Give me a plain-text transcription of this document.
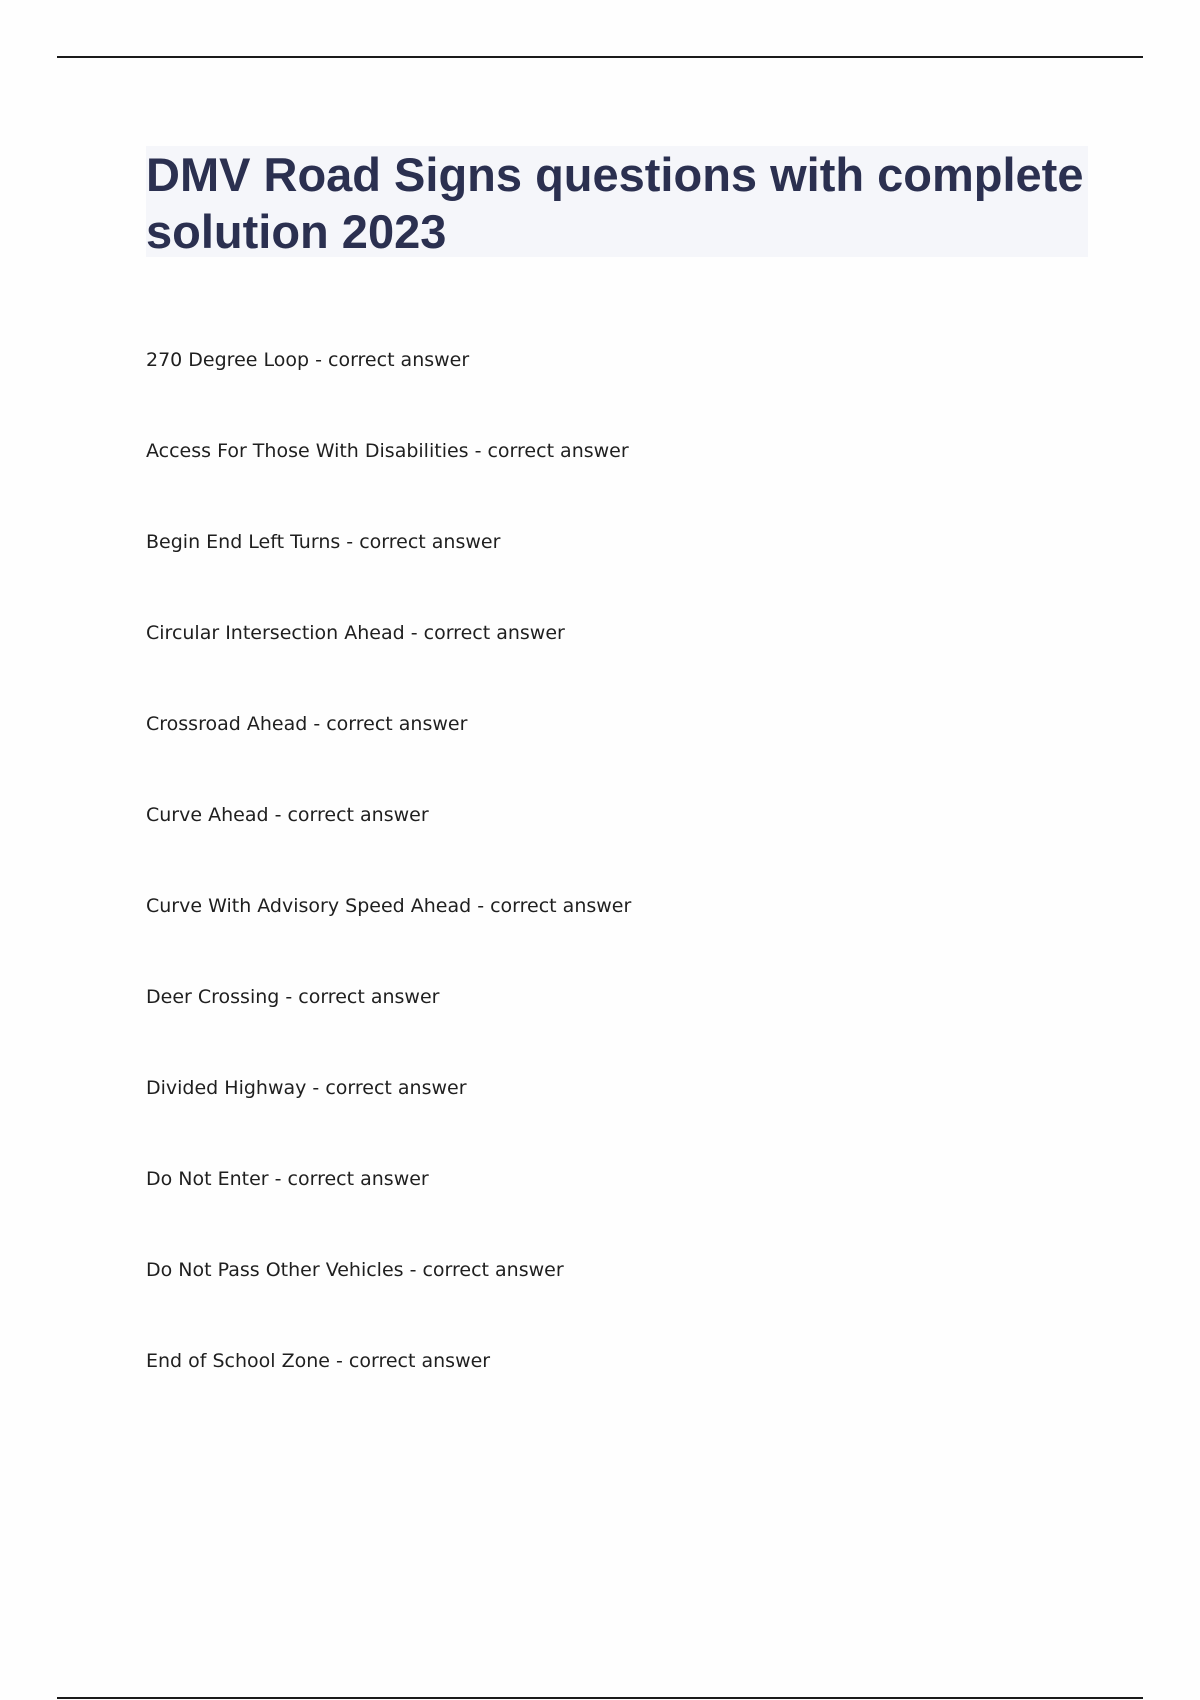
DMV Road Signs questions with complete solution 2023
270 Degree Loop - correct answer
Access For Those With Disabilities - correct answer
Begin End Left Turns - correct answer
Circular Intersection Ahead - correct answer
Crossroad Ahead - correct answer
Curve Ahead - correct answer
Curve With Advisory Speed Ahead - correct answer
Deer Crossing - correct answer
Divided Highway - correct answer
Do Not Enter - correct answer
Do Not Pass Other Vehicles - correct answer
End of School Zone - correct answer
